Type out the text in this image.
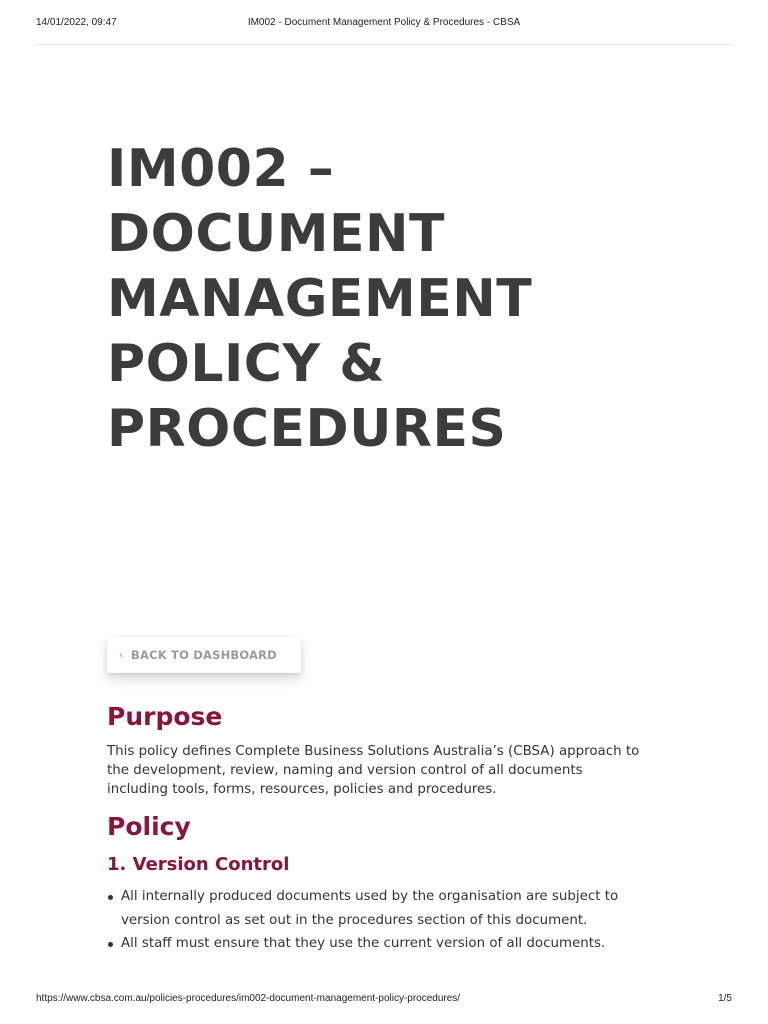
14/01/2022, 09:47	IM002 - Document Management Policy & Procedures - CBSA
IM002 –
DOCUMENT
MANAGEMENT
POLICY &
PROCEDURES
‹ BACK TO DASHBOARD
Purpose

This policy defines Complete Business Solutions Australia’s (CBSA) approach to the development, review, naming and version control of all documents including tools, forms, resources, policies and procedures.

Policy
1. Version Control
All internally produced documents used by the organisation are subject to version control as set out in the procedures section of this document.
All staff must ensure that they use the current version of all documents.
https://www.cbsa.com.au/policies-procedures/im002-document-management-policy-procedures/	1/5
